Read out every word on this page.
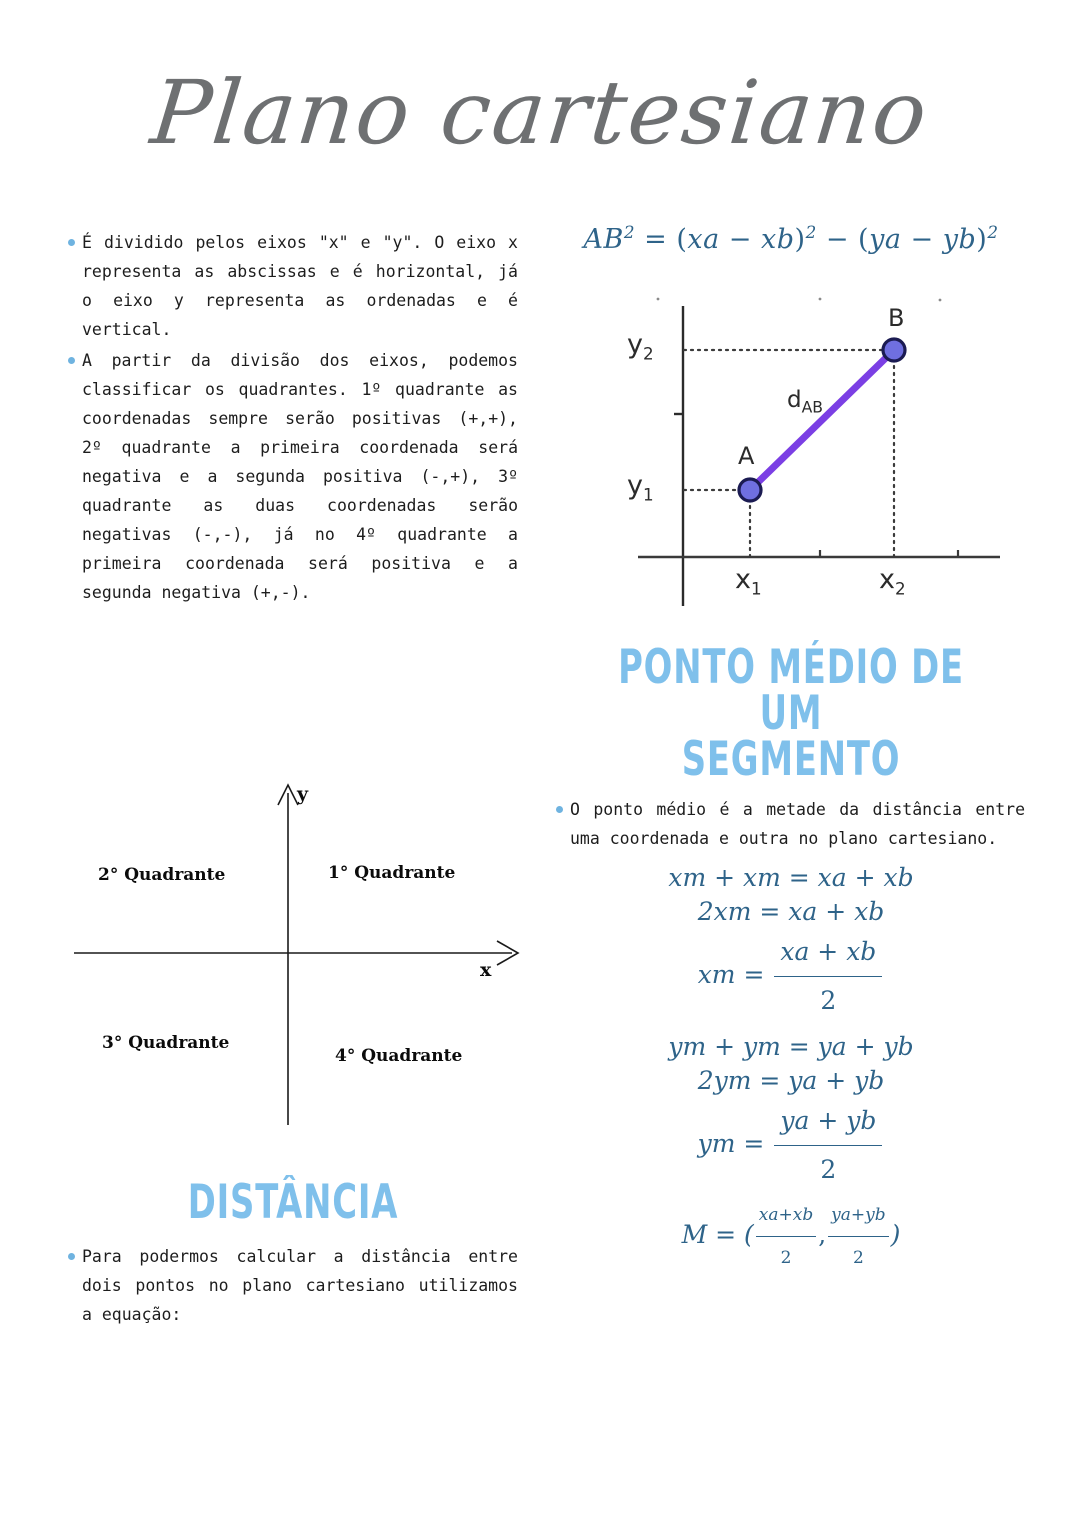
Plano cartesiano

É dividido pelos eixos "x" e "y". O eixo x representa as abscissas e é horizontal, já o eixo y representa as ordenadas e é vertical.

A partir da divisão dos eixos, podemos classificar os quadrantes. 1º quadrante as coordenadas sempre serão positivas (+,+), 2º quadrante a primeira coordenada será negativa e a segunda positiva (-,+), 3º quadrante as duas coordenadas serão negativas (-,-), já no 4º quadrante a primeira coordenada será positiva e a segunda negativa (+,-).

y
x
2° Quadrante	1° Quadrante
3° Quadrante
4° Quadrante
DISTÂNCIA

Para podermos calcular a distância entre dois pontos no plano cartesiano utilizamos a equação:

$AB^2 = (xa - xb)^2 - (ya - yb)^2$
PONTO MÉDIO DE UM
SEGMENTO

O ponto médio é a metade da distância entre uma coordenada e outra no plano cartesiano.

xm + xm = xa + xb
2xm = xa + xb
xm = $\frac{xa + xb}{2}$
ym + ym = ya + yb
2ym = ya + yb
ym = $\frac{ya + yb}{2}$
M = ( $\frac{xa+xb}{2}$ , $\frac{ya+yb}{2}$ )
$y_2$
$y_1$
$x_1$	$x_2$
A
B
$d_{AB}$
